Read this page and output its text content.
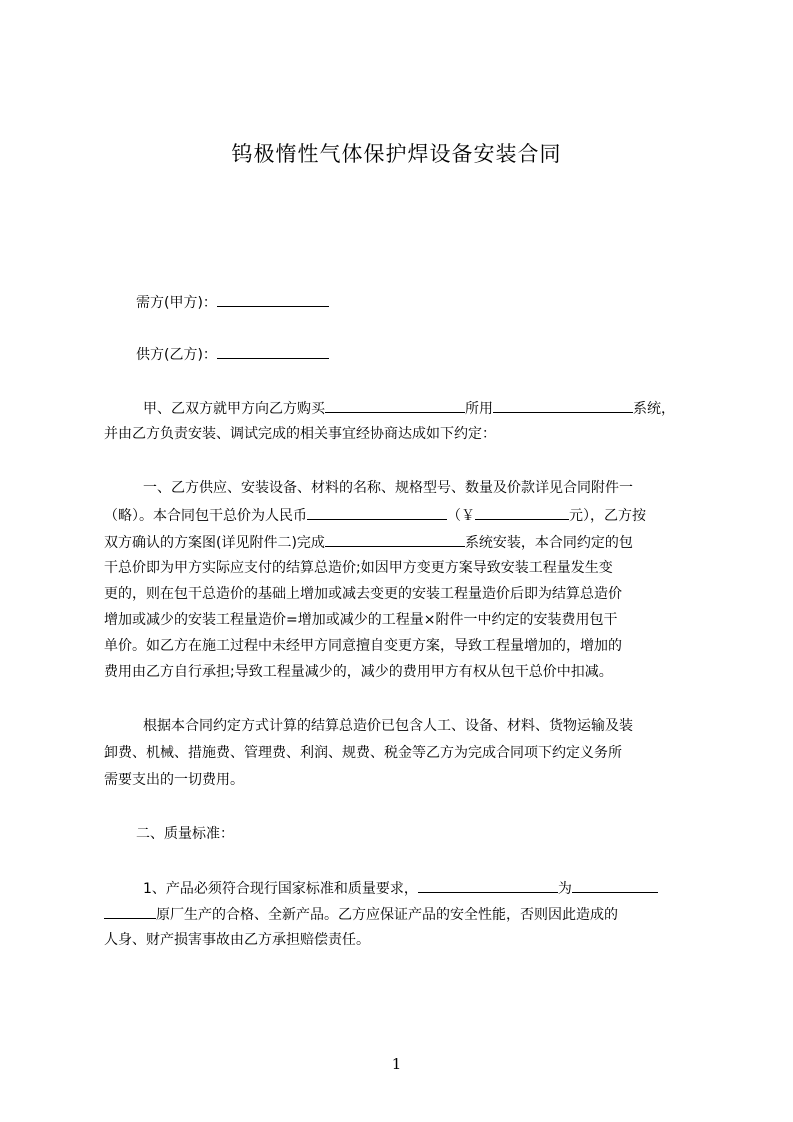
钨极惰性气体保护焊设备安装合同
需方(甲方)：
供方(乙方)：
甲、乙双方就甲方向乙方购买	所用	系统，
并由乙方负责安装、调试完成的相关事宜经协商达成如下约定：
一、乙方供应、安装设备、材料的名称、规格型号、数量及价款详见合同附件一
（略）。本合同包干总价为人民币	（￥	元），乙方按
双方确认的方案图(详见附件二)完成	系统安装，本合同约定的包
干总价即为甲方实际应支付的结算总造价;如因甲方变更方案导致安装工程量发生变
更的，则在包干总造价的基础上增加或减去变更的安装工程量造价后即为结算总造价
增加或减少的安装工程量造价=增加或减少的工程量×附件一中约定的安装费用包干
单价。如乙方在施工过程中未经甲方同意擅自变更方案，导致工程量增加的，增加的
费用由乙方自行承担;导致工程量减少的，减少的费用甲方有权从包干总价中扣减。
根据本合同约定方式计算的结算总造价已包含人工、设备、材料、货物运输及装
卸费、机械、措施费、管理费、利润、规费、税金等乙方为完成合同项下约定义务所
需要支出的一切费用。
二、质量标准：
1、产品必须符合现行国家标准和质量要求，	为
原厂生产的合格、全新产品。乙方应保证产品的安全性能，否则因此造成的
人身、财产损害事故由乙方承担赔偿责任。
1
